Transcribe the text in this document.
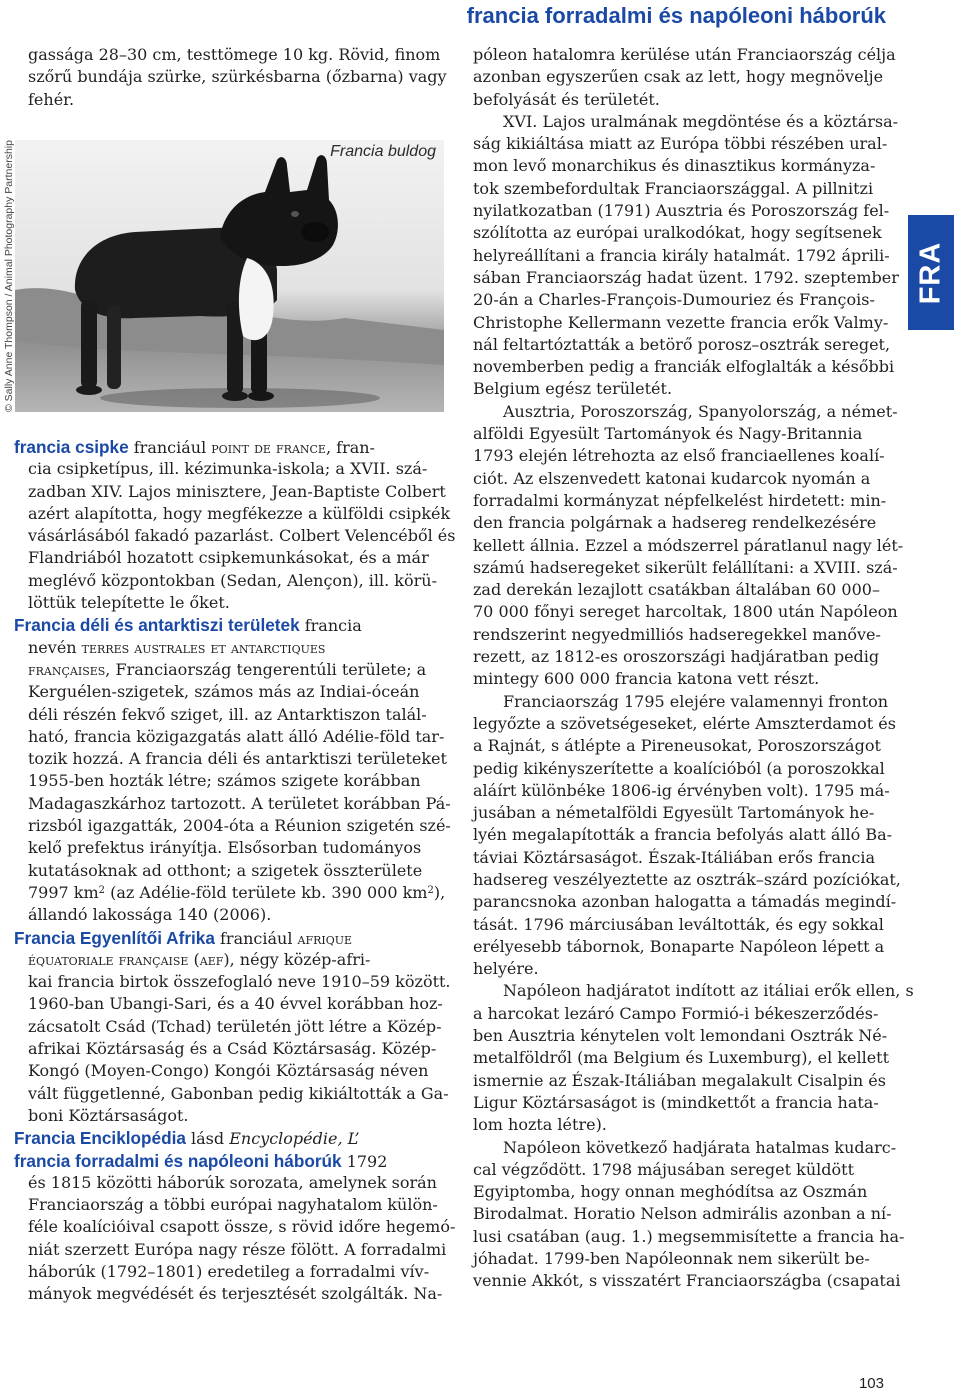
francia forradalmi és napóleoni háborúk
FRA
© Sally Anne Thompson / Animal Photography Partnership	Francia buldog
gassága 28–30 cm, testtömege 10 kg. Rövid, finom
szőrű bundája szürke, szürkésbarna (őzbarna) vagy
fehér.
francia csipke franciául point de france, fran-
cia csipketípus, ill. kézimunka-iskola; a XVII. szá-
zadban XIV. Lajos minisztere, Jean-Baptiste Colbert
azért alapította, hogy megfékezze a külföldi csipkék
vásárlásából fakadó pazarlást. Colbert Velencéből és
Flandriából hozatott csipkemunkásokat, és a már
meglévő központokban (Sedan, Alençon), ill. körü-
löttük telepítette le őket.
Francia déli és antarktiszi területek francia
nevén terres australes et antarctiques
françaises, Franciaország tengerentúli területe; a
Kerguélen-szigetek, számos más az Indiai-óceán
déli részén fekvő sziget, ill. az Antarktiszon talál-
ható, francia közigazgatás alatt álló Adélie-föld tar-
tozik hozzá. A francia déli és antarktiszi területeket
1955-ben hozták létre; számos szigete korábban
Madagaszkárhoz tartozott. A területet korábban Pá-
rizsból igazgatták, 2004-óta a Réunion szigetén szé-
kelő prefektus irányítja. Elsősorban tudományos
kutatásoknak ad otthont; a szigetek összterülete
7997 $km^2$ (az Adélie-föld területe kb. 390 000 $km^2$),
állandó lakossága 140 (2006).
Francia Egyenlítői Afrika franciául afrique
équatoriale française (aef), négy közép-afri-
kai francia birtok összefoglaló neve 1910–59 között.
1960-ban Ubangi-Sari, és a 40 évvel korábban hoz-
zácsatolt Csád (Tchad) területén jött létre a Közép-
afrikai Köztársaság és a Csád Köztársaság. Közép-
Kongó (Moyen-Congo) Kongói Köztársaság néven
vált függetlenné, Gabonban pedig kikiáltották a Ga-
boni Köztársaságot.
Francia Enciklopédia lásd Encyclopédie, L’
francia forradalmi és napóleoni háborúk 1792
és 1815 közötti háborúk sorozata, amelynek során
Franciaország a többi európai nagyhatalom külön-
féle koalícióival csapott össze, s rövid időre hegemó-
niát szerzett Európa nagy része fölött. A forradalmi
háborúk (1792–1801) eredetileg a forradalmi vív-
mányok megvédését és terjesztését szolgálták. Na-
póleon hatalomra kerülése után Franciaország célja
azonban egyszerűen csak az lett, hogy megnövelje
befolyását és területét.
XVI. Lajos uralmának megdöntése és a köztársa-
ság kikiáltása miatt az Európa többi részében ural-
mon levő monarchikus és dinasztikus kormányza-
tok szembefordultak Franciaországgal. A pillnitzi
nyilatkozatban (1791) Ausztria és Poroszország fel-
szólította az európai uralkodókat, hogy segítsenek
helyreállítani a francia király hatalmát. 1792 áprili-
sában Franciaország hadat üzent. 1792. szeptember
20-án a Charles-François-Dumouriez és François-
Christophe Kellermann vezette francia erők Valmy-
nál feltartóztatták a betörő porosz–osztrák sereget,
novemberben pedig a franciák elfoglalták a későbbi
Belgium egész területét.
Ausztria, Poroszország, Spanyolország, a német-
alföldi Egyesült Tartományok és Nagy-Britannia
1793 elején létrehozta az első franciaellenes koalí-
ciót. Az elszenvedett katonai kudarcok nyomán a
forradalmi kormányzat népfelkelést hirdetett: min-
den francia polgárnak a hadsereg rendelkezésére
kellett állnia. Ezzel a módszerrel páratlanul nagy lét-
számú hadseregeket sikerült felállítani: a XVIII. szá-
zad derekán lezajlott csatákban általában 60 000–
70 000 főnyi sereget harcoltak, 1800 után Napóleon
rendszerint negyedmilliós hadseregekkel manőve-
rezett, az 1812-es oroszországi hadjáratban pedig
mintegy 600 000 francia katona vett részt.
Franciaország 1795 elejére valamennyi fronton
legyőzte a szövetségeseket, elérte Amszterdamot és
a Rajnát, s átlépte a Pireneusokat, Poroszországot
pedig kikényszerítette a koalícióból (a poroszokkal
aláírt különbéke 1806-ig érvényben volt). 1795 má-
jusában a németalföldi Egyesült Tartományok he-
lyén megalapították a francia befolyás alatt álló Ba-
táviai Köztársaságot. Észak-Itáliában erős francia
hadsereg veszélyeztette az osztrák–szárd pozíciókat,
parancsnoka azonban halogatta a támadás megindí-
tását. 1796 márciusában leváltották, és egy sokkal
erélyesebb tábornok, Bonaparte Napóleon lépett a
helyére.
Napóleon hadjáratot indított az itáliai erők ellen, s
a harcokat lezáró Campo Formió-i békeszerződés-
ben Ausztria kénytelen volt lemondani Osztrák Né-
metalföldről (ma Belgium és Luxemburg), el kellett
ismernie az Észak-Itáliában megalakult Cisalpin és
Ligur Köztársaságot is (mindkettőt a francia hata-
lom hozta létre).
Napóleon következő hadjárata hatalmas kudarc-
cal végződött. 1798 májusában sereget küldött
Egyiptomba, hogy onnan meghódítsa az Oszmán
Birodalmat. Horatio Nelson admirális azonban a ní-
lusi csatában (aug. 1.) megsemmisítette a francia ha-
jóhadat. 1799-ben Napóleonnak nem sikerült be-
vennie Akkót, s visszatért Franciaországba (csapatai
103
